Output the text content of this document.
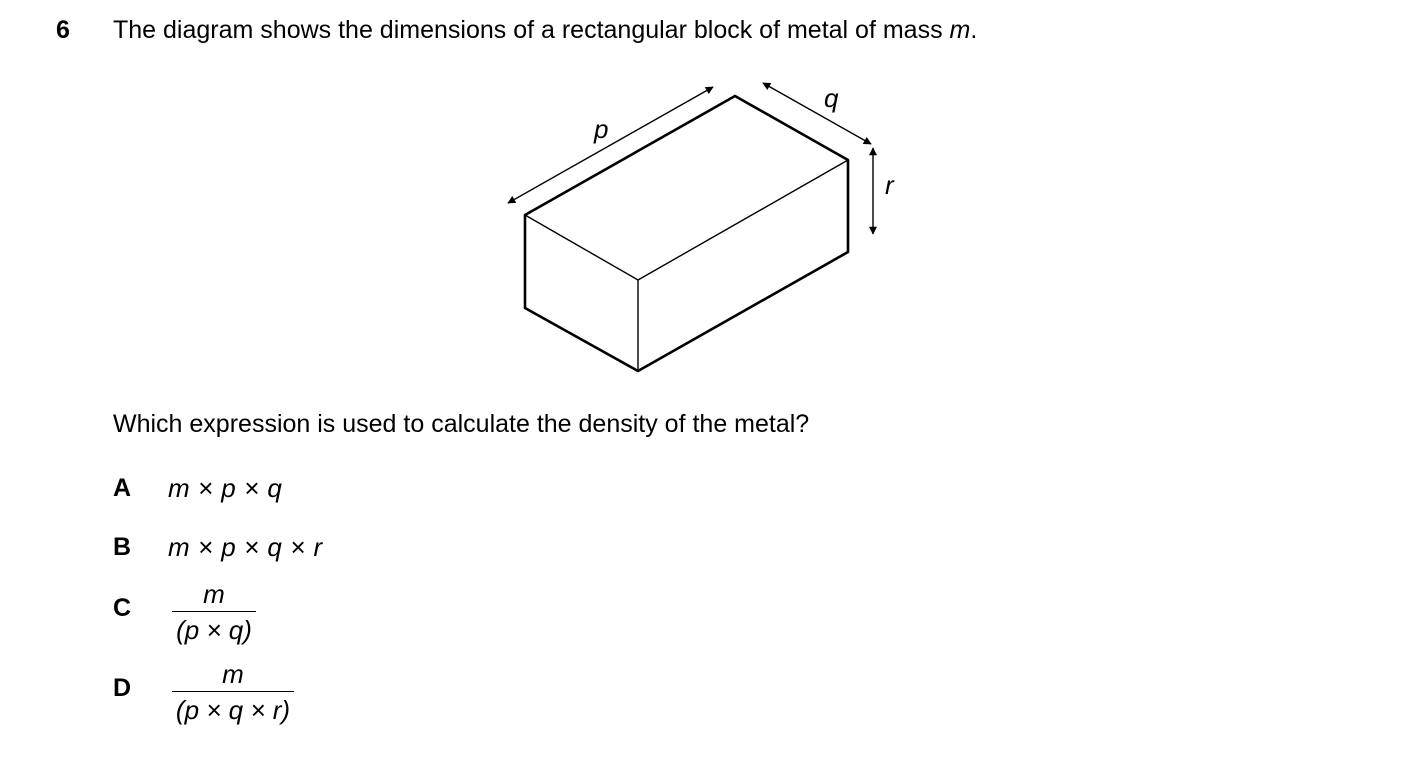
6 The diagram shows the dimensions of a rectangular block of metal of mass m.
p
q
r
Which expression is used to calculate the density of the metal?
A	m × p × q
B	m × p × q × r
C	$\frac{m}{(p \times q)}$
D	$\frac{m}{(p \times q \times r)}$
